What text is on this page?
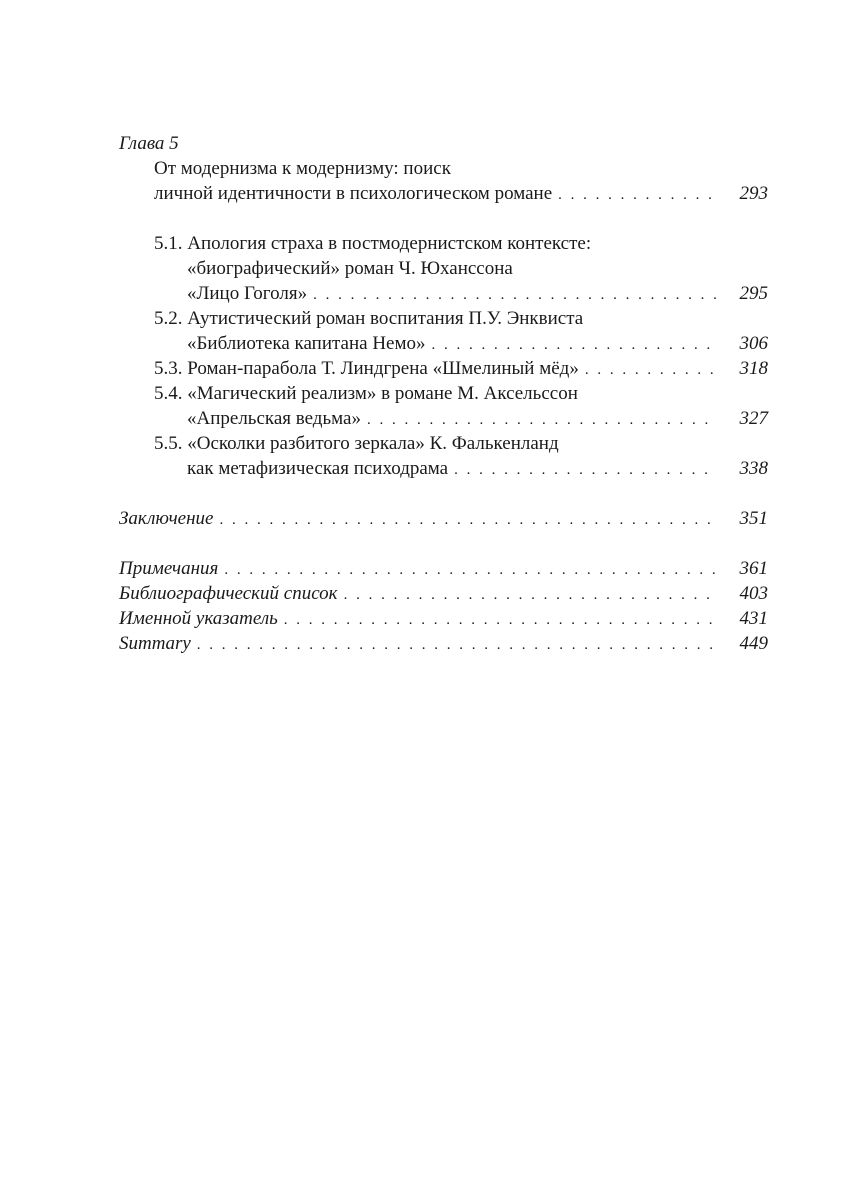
Глава 5
От модернизма к модернизму: поиск
личной идентичности в психологическом романе . . .	293
5.1. Апология страха в постмодернистском контексте:
«биографический» роман Ч. Юханссона
«Лицо Гоголя» . . .	295
5.2. Аутистический роман воспитания П.У. Энквиста
«Библиотека капитана Немо» . . .	306
5.3. Роман-парабола Т. Линдгрена «Шмелиный мёд» . . .	318
5.4. «Магический реализм» в романе М. Аксельссон
«Апрельская ведьма» . . .	327
5.5. «Осколки разбитого зеркала» К. Фалькенланд
как метафизическая психодрама . . .	338
Заключение . . .	351
Примечания . . .	361
Библиографический список . . .	403
Именной указатель . . .	431
Summary . . .	449
